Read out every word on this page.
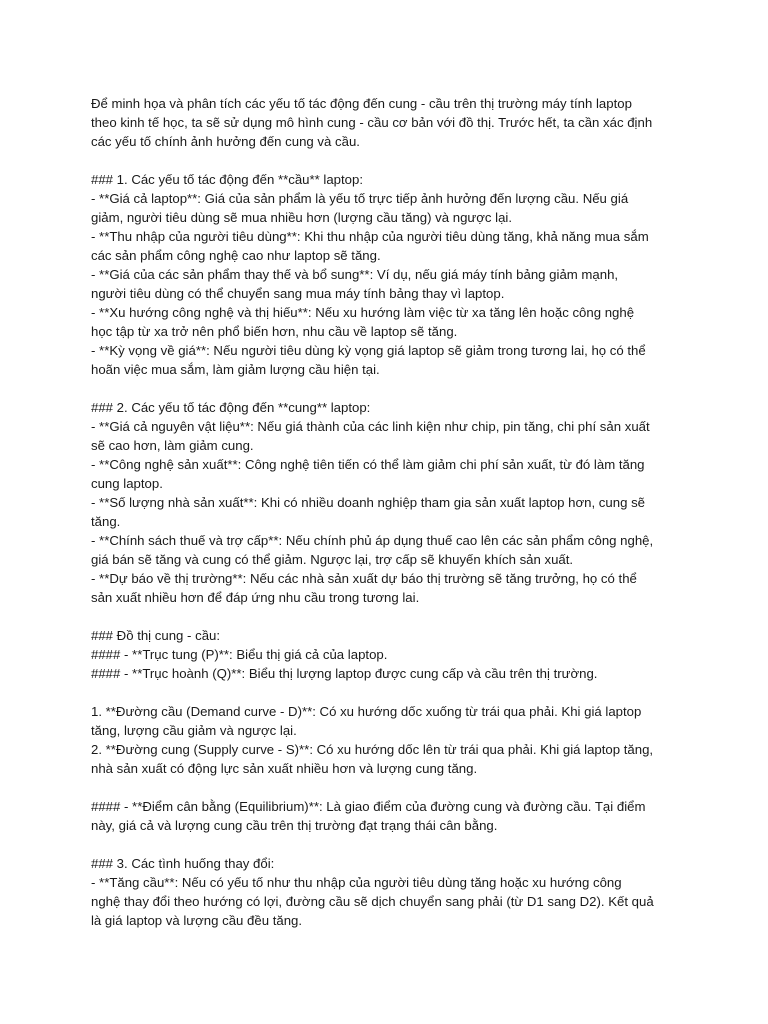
Để minh họa và phân tích các yếu tố tác động đến cung - cầu trên thị trường máy tính laptop
theo kinh tế học, ta sẽ sử dụng mô hình cung - cầu cơ bản với đồ thị. Trước hết, ta cần xác định
các yếu tố chính ảnh hưởng đến cung và cầu.
### 1. Các yếu tố tác động đến **cầu** laptop:
- **Giá cả laptop**: Giá của sản phẩm là yếu tố trực tiếp ảnh hưởng đến lượng cầu. Nếu giá
giảm, người tiêu dùng sẽ mua nhiều hơn (lượng cầu tăng) và ngược lại.
- **Thu nhập của người tiêu dùng**: Khi thu nhập của người tiêu dùng tăng, khả năng mua sắm
các sản phẩm công nghệ cao như laptop sẽ tăng.
- **Giá của các sản phẩm thay thế và bổ sung**: Ví dụ, nếu giá máy tính bảng giảm mạnh,
người tiêu dùng có thể chuyển sang mua máy tính bảng thay vì laptop.
- **Xu hướng công nghệ và thị hiếu**: Nếu xu hướng làm việc từ xa tăng lên hoặc công nghệ
học tập từ xa trở nên phổ biến hơn, nhu cầu về laptop sẽ tăng.
- **Kỳ vọng về giá**: Nếu người tiêu dùng kỳ vọng giá laptop sẽ giảm trong tương lai, họ có thể
hoãn việc mua sắm, làm giảm lượng cầu hiện tại.
### 2. Các yếu tố tác động đến **cung** laptop:
- **Giá cả nguyên vật liệu**: Nếu giá thành của các linh kiện như chip, pin tăng, chi phí sản xuất
sẽ cao hơn, làm giảm cung.
- **Công nghệ sản xuất**: Công nghệ tiên tiến có thể làm giảm chi phí sản xuất, từ đó làm tăng
cung laptop.
- **Số lượng nhà sản xuất**: Khi có nhiều doanh nghiệp tham gia sản xuất laptop hơn, cung sẽ
tăng.
- **Chính sách thuế và trợ cấp**: Nếu chính phủ áp dụng thuế cao lên các sản phẩm công nghệ,
giá bán sẽ tăng và cung có thể giảm. Ngược lại, trợ cấp sẽ khuyến khích sản xuất.
- **Dự báo về thị trường**: Nếu các nhà sản xuất dự báo thị trường sẽ tăng trưởng, họ có thể
sản xuất nhiều hơn để đáp ứng nhu cầu trong tương lai.
### Đồ thị cung - cầu:
#### - **Trục tung (P)**: Biểu thị giá cả của laptop.
#### - **Trục hoành (Q)**: Biểu thị lượng laptop được cung cấp và cầu trên thị trường.
1. **Đường cầu (Demand curve - D)**: Có xu hướng dốc xuống từ trái qua phải. Khi giá laptop
tăng, lượng cầu giảm và ngược lại.
2. **Đường cung (Supply curve - S)**: Có xu hướng dốc lên từ trái qua phải. Khi giá laptop tăng,
nhà sản xuất có động lực sản xuất nhiều hơn và lượng cung tăng.
#### - **Điểm cân bằng (Equilibrium)**: Là giao điểm của đường cung và đường cầu. Tại điểm
này, giá cả và lượng cung cầu trên thị trường đạt trạng thái cân bằng.
### 3. Các tình huống thay đổi:
- **Tăng cầu**: Nếu có yếu tố như thu nhập của người tiêu dùng tăng hoặc xu hướng công
nghệ thay đổi theo hướng có lợi, đường cầu sẽ dịch chuyển sang phải (từ D1 sang D2). Kết quả
là giá laptop và lượng cầu đều tăng.
